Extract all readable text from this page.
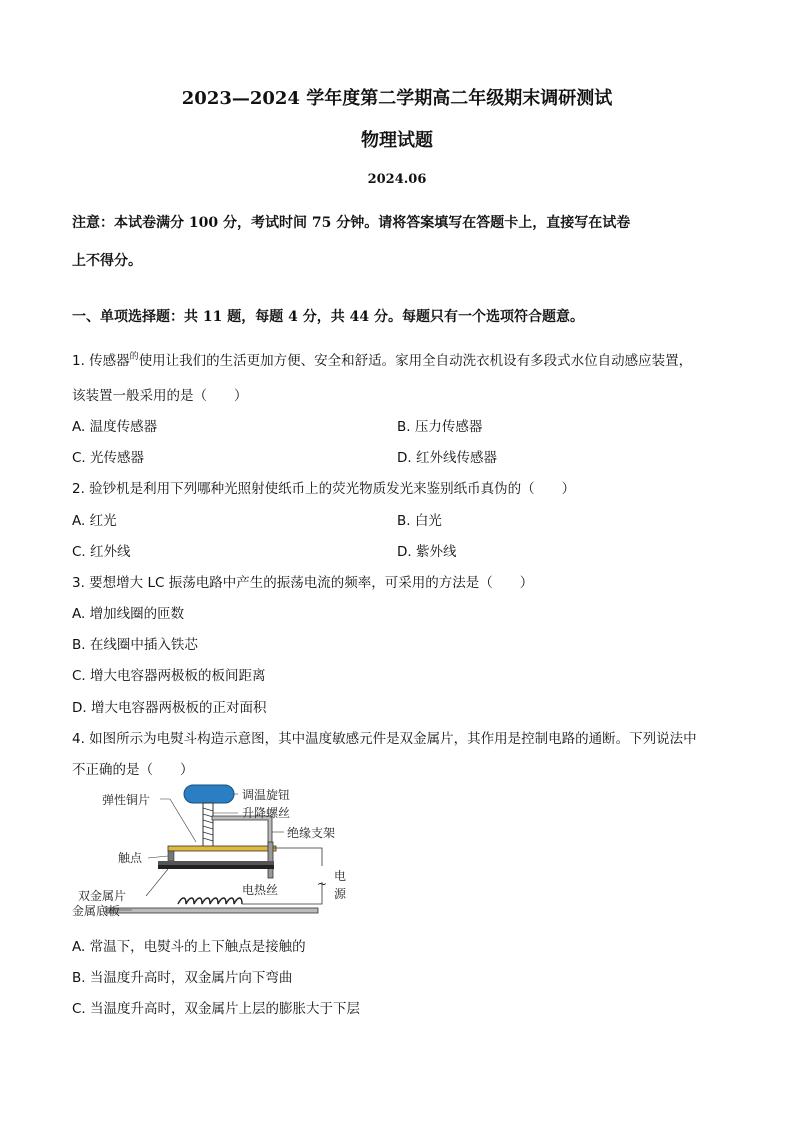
2023—2024 学年度第二学期高二年级期末调研测试
物理试题
2024.06
注意：本试卷满分 100 分，考试时间 75 分钟。请将答案填写在答题卡上，直接写在试卷
上不得分。
一、单项选择题：共 11 题，每题 4 分，共 44 分。每题只有一个选项符合题意。
1. 传感器$^的$使用让我们的生活更加方便、安全和舒适。家用全自动洗衣机设有多段式水位自动感应装置，
该装置一般采用的是（　　）
A. 温度传感器	B. 压力传感器
C. 光传感器	D. 红外线传感器
2. 验钞机是利用下列哪种光照射使纸币上的荧光物质发光来鉴别纸币真伪的（　　）
A. 红光	B. 白光
C. 红外线	D. 紫外线
3. 要想增大 LC 振荡电路中产生的振荡电流的频率，可采用的方法是（　　）
A. 增加线圈的匝数
B. 在线圈中插入铁芯
C. 增大电容器两极板的板间距离
D. 增大电容器两极板的正对面积
4. 如图所示为电熨斗构造示意图，其中温度敏感元件是双金属片，其作用是控制电路的通断。下列说法中
不正确的是（　　）
调温旋钮
弹性铜片
升降螺丝
绝缘支架
触点
电热丝
双金属片
金属底板
电
~
源
A. 常温下，电熨斗的上下触点是接触的
B. 当温度升高时，双金属片向下弯曲
C. 当温度升高时，双金属片上层的膨胀大于下层
